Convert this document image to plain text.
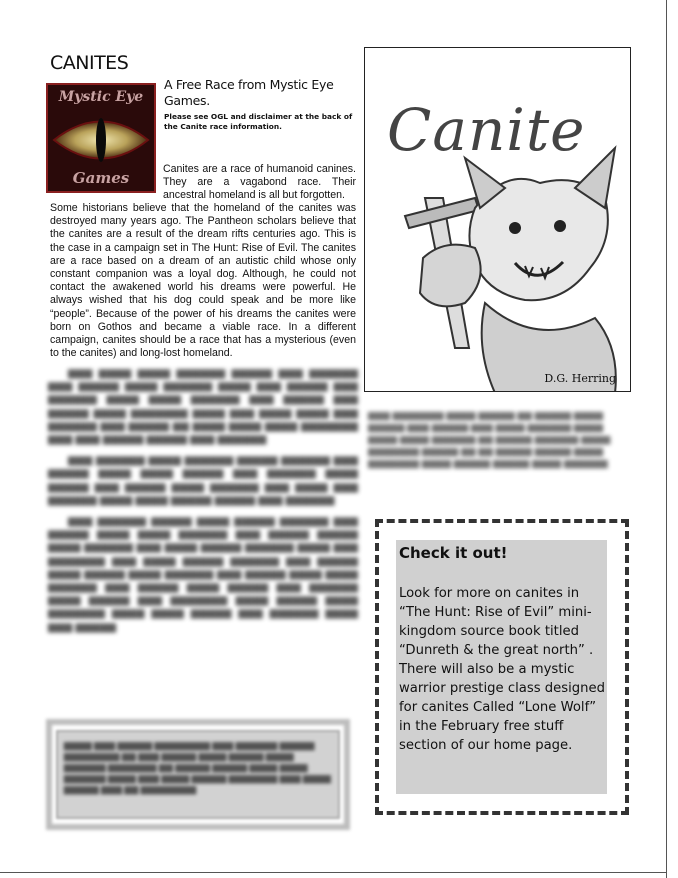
CANITES
Mystic Eye
Games
A Free Race from Mystic Eye Games.
Please see OGL and disclaimer at the back of the Canite race information.
Canites are a race of humanoid canines. They are a vagabond race. Their ancestral homeland is all but forgotten.
Some historians believe that the homeland of the canites was destroyed many years ago. The Pantheon scholars believe that the canites are a result of the dream rifts centuries ago. This is the case in a campaign set in The Hunt: Rise of Evil. The canites are a race based on a dream of an autistic child whose only constant companion was a loyal dog. Although, he could not contact the awakened world his dreams were powerful. He always wished that his dog could speak and be more like “people”. Because of the power of his dreams the canites were born on Gothos and became a viable race. In a different campaign, canites should be a race that has a mysterious (even to the canites) and long-lost homeland.

▆▆▆ ▆▆▆▆ ▆▆▆▆ ▆▆▆▆▆▆ ▆▆▆▆▆ ▆▆▆ ▆▆▆▆▆▆ ▆▆▆ ▆▆▆▆▆ ▆▆▆▆ ▆▆▆▆▆▆ ▆▆▆▆ ▆▆▆ ▆▆▆▆▆ ▆▆▆ ▆▆▆▆▆▆ ▆▆▆▆ ▆▆▆▆ ▆▆▆▆▆▆ ▆▆▆ ▆▆▆▆▆ ▆▆▆ ▆▆▆▆▆ ▆▆▆▆ ▆▆▆▆▆▆▆ ▆▆▆▆ ▆▆▆ ▆▆▆▆ ▆▆▆▆ ▆▆▆ ▆▆▆▆▆▆ ▆▆▆ ▆▆▆▆▆ ▆▆ ▆▆▆▆ ▆▆▆▆ ▆▆▆▆ ▆▆▆▆▆▆▆ ▆▆▆ ▆▆▆ ▆▆▆▆▆ ▆▆▆▆▆ ▆▆▆ ▆▆▆▆▆▆

▆▆▆ ▆▆▆▆▆▆ ▆▆▆▆ ▆▆▆▆▆▆ ▆▆▆▆▆ ▆▆▆▆▆▆ ▆▆▆ ▆▆▆▆▆ ▆▆▆▆ ▆▆▆▆ ▆▆▆▆▆ ▆▆▆ ▆▆▆▆▆▆ ▆▆▆▆ ▆▆▆▆▆ ▆▆▆ ▆▆▆▆▆ ▆▆▆▆ ▆▆▆▆▆▆ ▆▆▆ ▆▆▆▆ ▆▆▆ ▆▆▆▆▆▆ ▆▆▆▆ ▆▆▆▆ ▆▆▆▆▆ ▆▆▆▆▆ ▆▆▆ ▆▆▆▆▆▆

▆▆▆ ▆▆▆▆▆▆ ▆▆▆▆▆ ▆▆▆▆ ▆▆▆▆▆ ▆▆▆▆▆▆ ▆▆▆ ▆▆▆▆▆ ▆▆▆▆ ▆▆▆▆ ▆▆▆▆▆▆ ▆▆▆ ▆▆▆▆▆ ▆▆▆▆▆ ▆▆▆▆ ▆▆▆▆▆▆ ▆▆▆ ▆▆▆▆ ▆▆▆▆▆ ▆▆▆▆▆▆ ▆▆▆▆ ▆▆▆ ▆▆▆▆▆▆▆ ▆▆▆ ▆▆▆▆ ▆▆▆▆▆ ▆▆▆▆▆▆ ▆▆▆ ▆▆▆▆▆ ▆▆▆▆ ▆▆▆▆▆ ▆▆▆▆ ▆▆▆▆▆▆ ▆▆▆ ▆▆▆▆▆ ▆▆▆▆ ▆▆▆▆ ▆▆▆▆▆▆ ▆▆▆ ▆▆▆▆▆ ▆▆▆▆ ▆▆▆▆▆ ▆▆▆ ▆▆▆▆▆▆ ▆▆▆▆ ▆▆▆▆▆ ▆▆▆ ▆▆▆▆▆▆▆ ▆▆▆▆ ▆▆▆▆▆ ▆▆▆▆ ▆▆▆▆▆▆▆ ▆▆▆▆ ▆▆▆▆ ▆▆▆▆▆ ▆▆▆ ▆▆▆▆▆▆ ▆▆▆▆ ▆▆▆ ▆▆▆▆▆

Canite
D.G. Herring
▆▆▆ ▆▆▆▆▆▆▆ ▆▆▆▆ ▆▆▆▆▆ ▆▆ ▆▆▆▆▆ ▆▆▆▆ ▆▆▆▆▆ ▆▆▆ ▆▆▆▆▆ ▆▆▆ ▆▆▆▆ ▆▆▆▆▆▆ ▆▆▆▆ ▆▆▆▆ ▆▆▆▆ ▆▆▆▆▆▆ ▆▆ ▆▆▆▆▆ ▆▆▆▆▆▆ ▆▆▆▆ ▆▆▆▆▆▆▆ ▆▆▆▆▆ ▆▆ ▆▆ ▆▆▆▆▆ ▆▆▆▆▆ ▆▆▆▆ ▆▆▆▆▆▆▆ ▆▆▆▆ ▆▆▆▆▆ ▆▆▆▆▆ ▆▆▆▆ ▆▆▆▆▆▆
Check it out!
Look for more on canites in “The Hunt: Rise of Evil” mini-kingdom source book titled “Dunreth & the great north” . There will also be a mystic warrior prestige class designed for canites Called “Lone Wolf” in the February free stuff section of our home page.
▆▆▆▆ ▆▆▆ ▆▆▆▆▆ ▆▆▆▆▆▆▆▆ ▆▆▆ ▆▆▆▆▆▆ ▆▆▆▆▆ ▆▆▆▆▆▆▆▆ ▆▆ ▆▆▆ ▆▆▆▆▆ ▆▆▆▆ ▆▆▆▆▆ ▆▆▆▆ ▆▆▆▆▆▆ ▆▆▆▆▆▆▆ ▆▆ ▆▆▆▆▆ ▆▆▆▆▆ ▆▆▆▆ ▆▆▆▆ ▆▆▆▆▆▆ ▆▆▆▆ ▆▆▆ ▆▆▆▆ ▆▆▆▆▆ ▆▆▆▆▆▆▆ ▆▆▆ ▆▆▆▆ ▆▆▆▆▆ ▆▆▆ ▆▆ ▆▆▆▆▆▆▆▆
